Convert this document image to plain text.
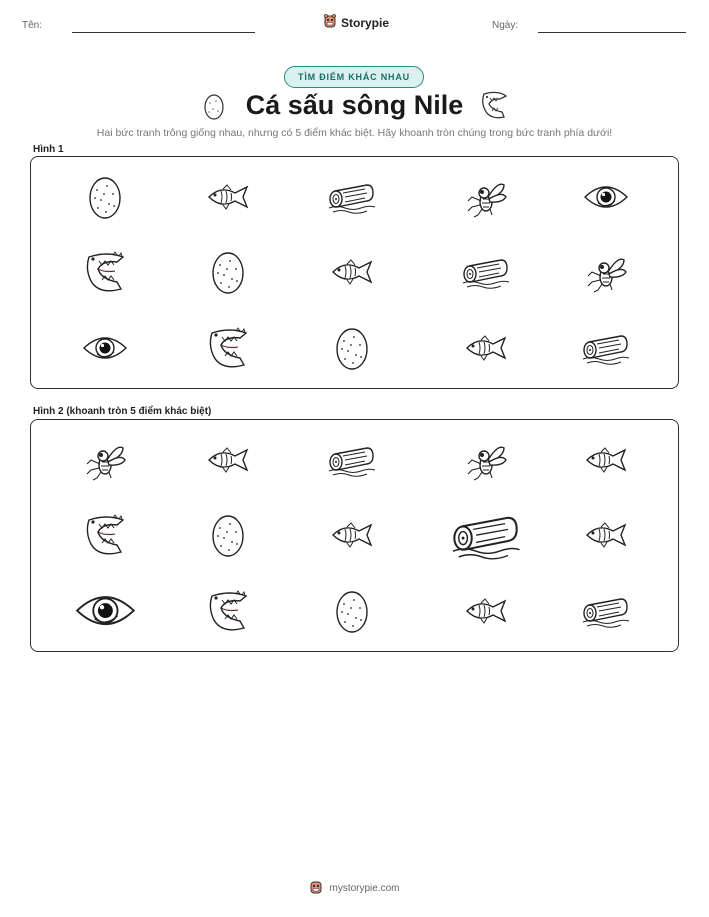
Tên:	Storypie	Ngày:
TÌM ĐIỂM KHÁC NHAU
Cá sấu sông Nile
Hai bức tranh trông giống nhau, nhưng có 5 điểm khác biệt. Hãy khoanh tròn chúng trong bức tranh phía dưới!
Hình 1
Hình 2 (khoanh tròn 5 điểm khác biệt)
mystorypie.com
